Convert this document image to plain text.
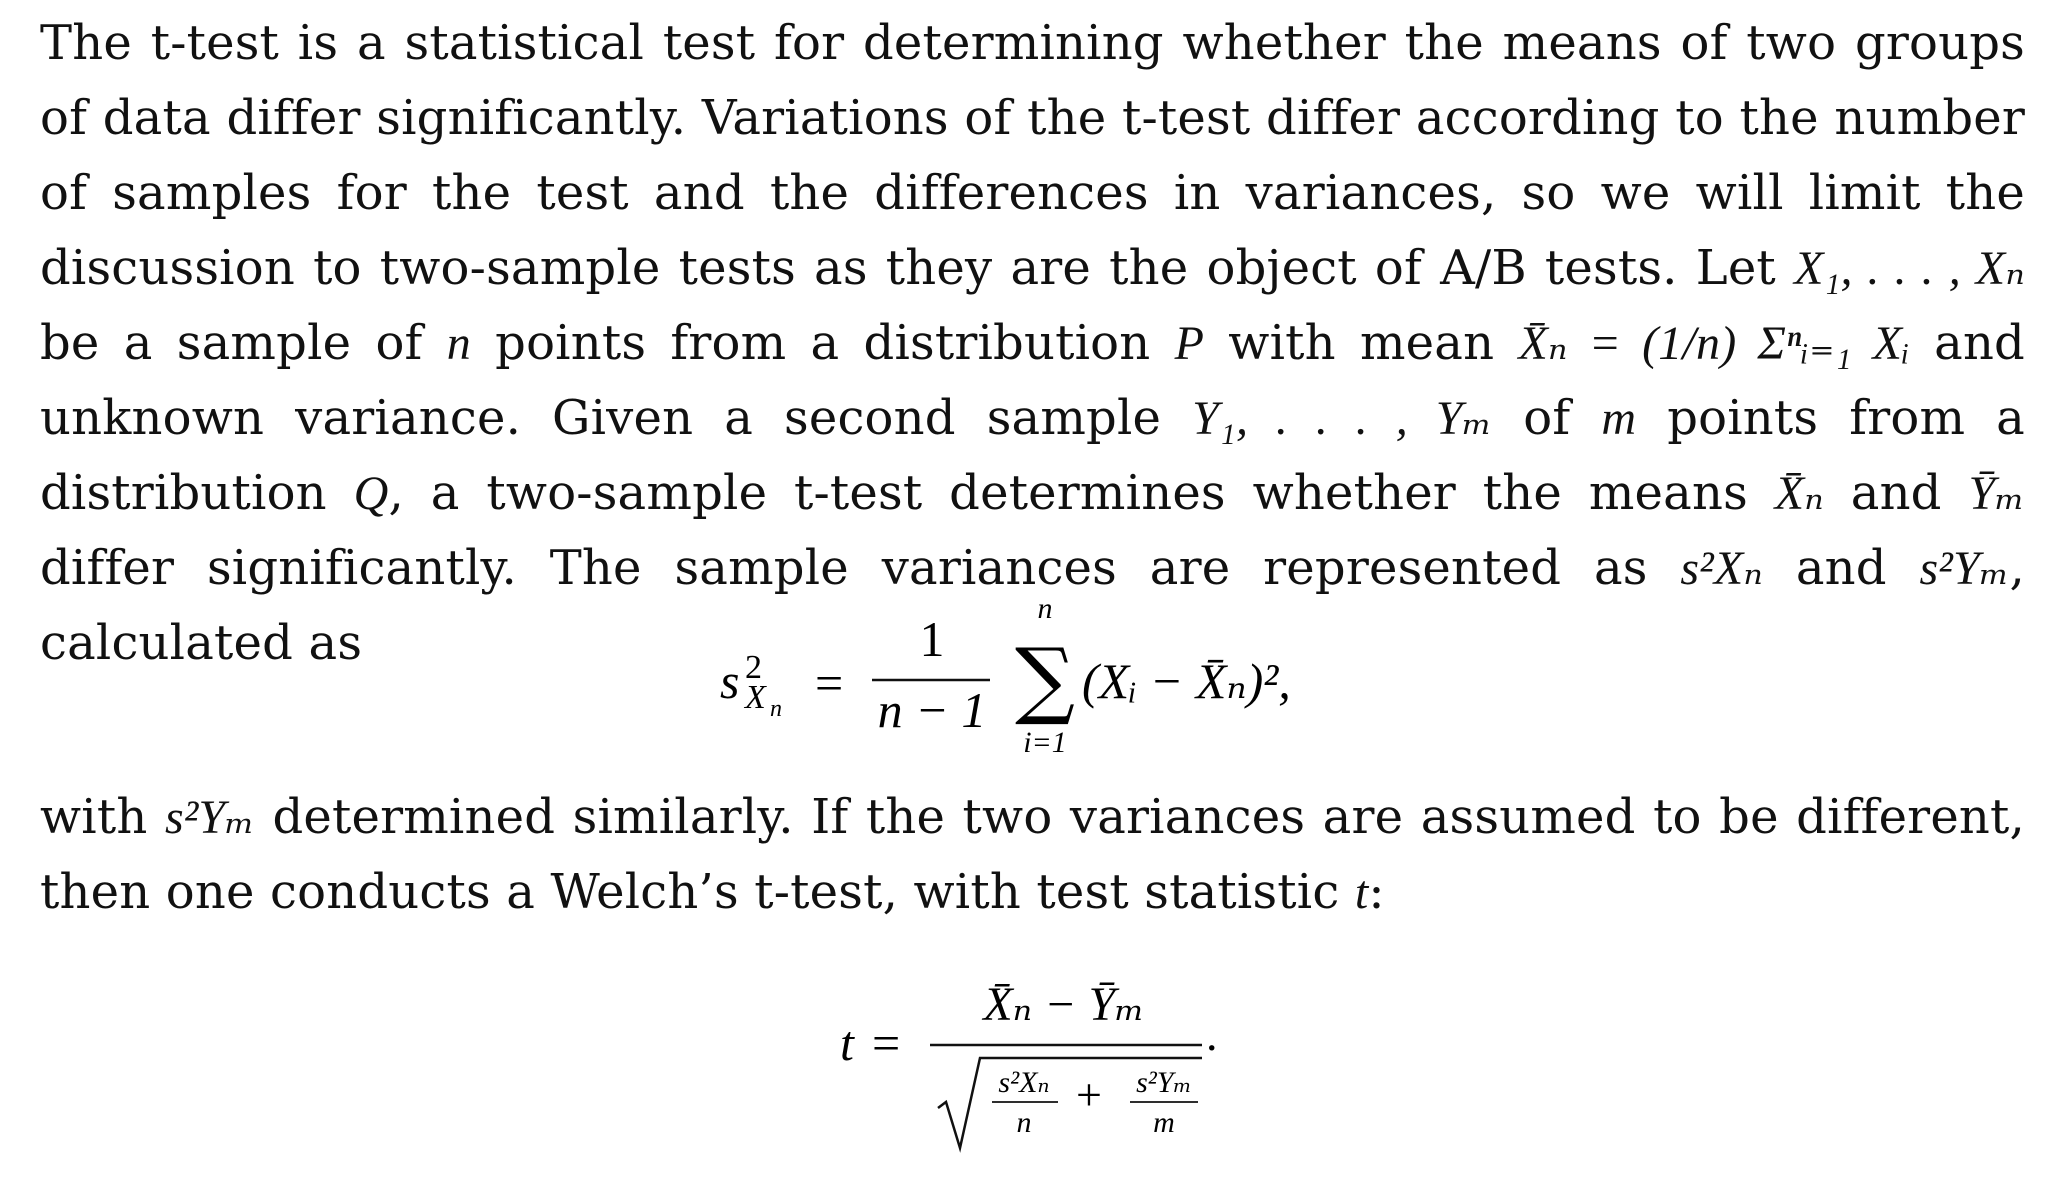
The t-test is a statistical test for determining whether the means of two groups of data differ significantly. Variations of the t-test differ according to the number of samples for the test and the differences in variances, so we will limit the discussion to two-sample tests as they are the object of A/B tests. Let X₁, . . . , Xₙ be a sample of n points from a distribution P with mean X̄ₙ = (1/n) Σⁿᵢ₌₁ Xᵢ and unknown variance. Given a second sample Y₁, . . . , Yₘ of m points from a distribution Q, a two-sample t-test determines whether the means X̄ₙ and Ȳₘ differ significantly. The sample variances are represented as s²Xₙ and s²Yₘ, calculated as

s 2
X n =
1
n − 1
n
∑
i=1
(Xᵢ − X̄ₙ)²,

with s²Yₘ determined similarly. If the two variances are assumed to be different, then one conducts a Welch’s t-test, with test statistic t:

t =
X̄ₙ − Ȳₘ
s²Xₙ
n
+ s²Yₘ
m
.
